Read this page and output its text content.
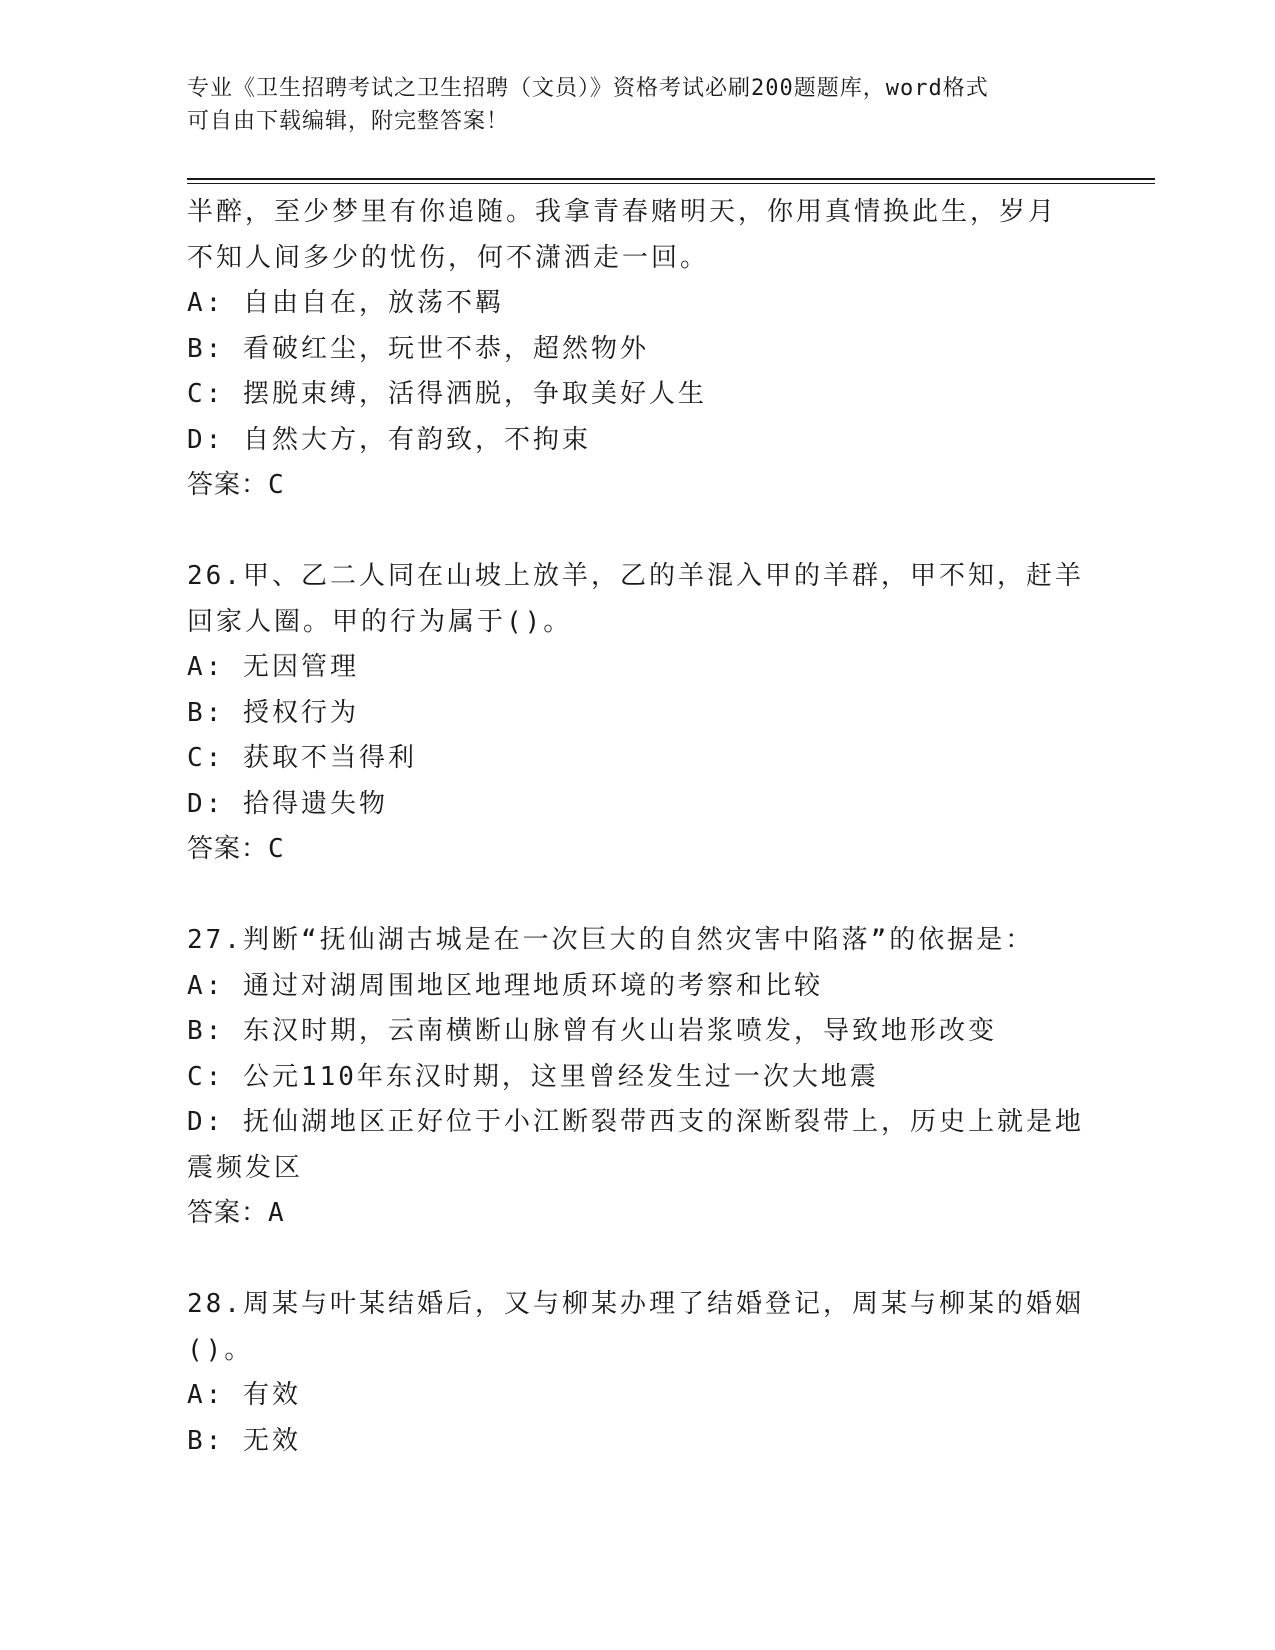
专业《卫生招聘考试之卫生招聘（文员）》资格考试必刷200题题库，word格式
可自由下载编辑，附完整答案！
半醉，至少梦里有你追随。我拿青春赌明天，你用真情换此生，岁月
不知人间多少的忧伤，何不潇洒走一回。
A: 自由自在，放荡不羁
B: 看破红尘，玩世不恭，超然物外
C: 摆脱束缚，活得洒脱，争取美好人生
D: 自然大方，有韵致，不拘束
答案：C
26.甲、乙二人同在山坡上放羊，乙的羊混入甲的羊群，甲不知，赶羊
回家人圈。甲的行为属于()。
A: 无因管理
B: 授权行为
C: 获取不当得利
D: 拾得遗失物
答案：C
27.判断“抚仙湖古城是在一次巨大的自然灾害中陷落”的依据是：
A: 通过对湖周围地区地理地质环境的考察和比较
B: 东汉时期，云南横断山脉曾有火山岩浆喷发，导致地形改变
C: 公元110年东汉时期，这里曾经发生过一次大地震
D: 抚仙湖地区正好位于小江断裂带西支的深断裂带上，历史上就是地
震频发区
答案：A
28.周某与叶某结婚后，又与柳某办理了结婚登记，周某与柳某的婚姻
()。
A: 有效
B: 无效
